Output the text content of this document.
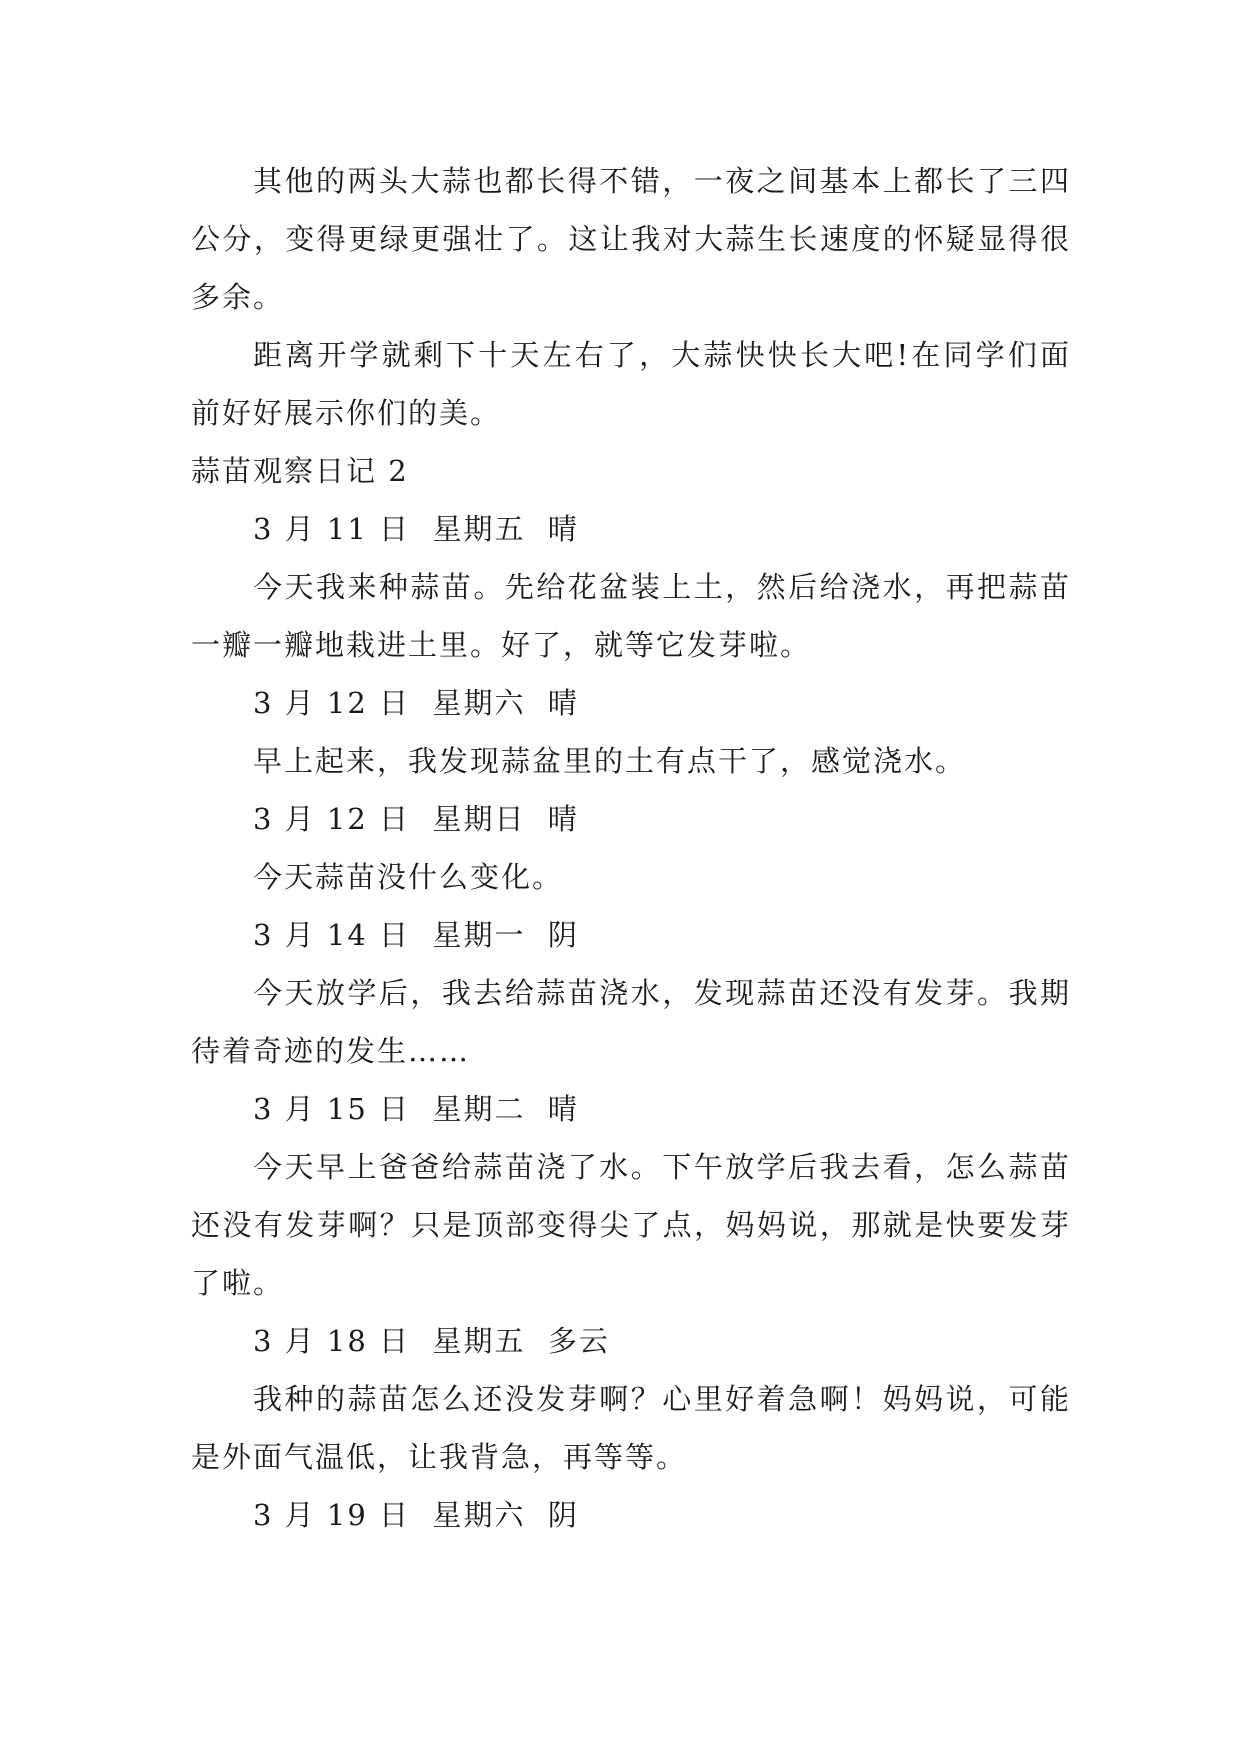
其他的两头大蒜也都长得不错，一夜之间基本上都长了三四公分，变得更绿更强壮了。这让我对大蒜生长速度的怀疑显得很多余。

距离开学就剩下十天左右了，大蒜快快长大吧!在同学们面前好好展示你们的美。

蒜苗观察日记 2

3 月 11 日  星期五  晴

今天我来种蒜苗。先给花盆装上土，然后给浇水，再把蒜苗一瓣一瓣地栽进土里。好了，就等它发芽啦。

3 月 12 日  星期六  晴

早上起来，我发现蒜盆里的土有点干了，感觉浇水。

3 月 12 日  星期日  晴

今天蒜苗没什么变化。

3 月 14 日  星期一  阴

今天放学后，我去给蒜苗浇水，发现蒜苗还没有发芽。我期待着奇迹的发生……

3 月 15 日  星期二  晴

今天早上爸爸给蒜苗浇了水。下午放学后我去看，怎么蒜苗还没有发芽啊？只是顶部变得尖了点，妈妈说，那就是快要发芽了啦。

3 月 18 日  星期五  多云

我种的蒜苗怎么还没发芽啊？心里好着急啊！妈妈说，可能是外面气温低，让我背急，再等等。

3 月 19 日  星期六  阴
